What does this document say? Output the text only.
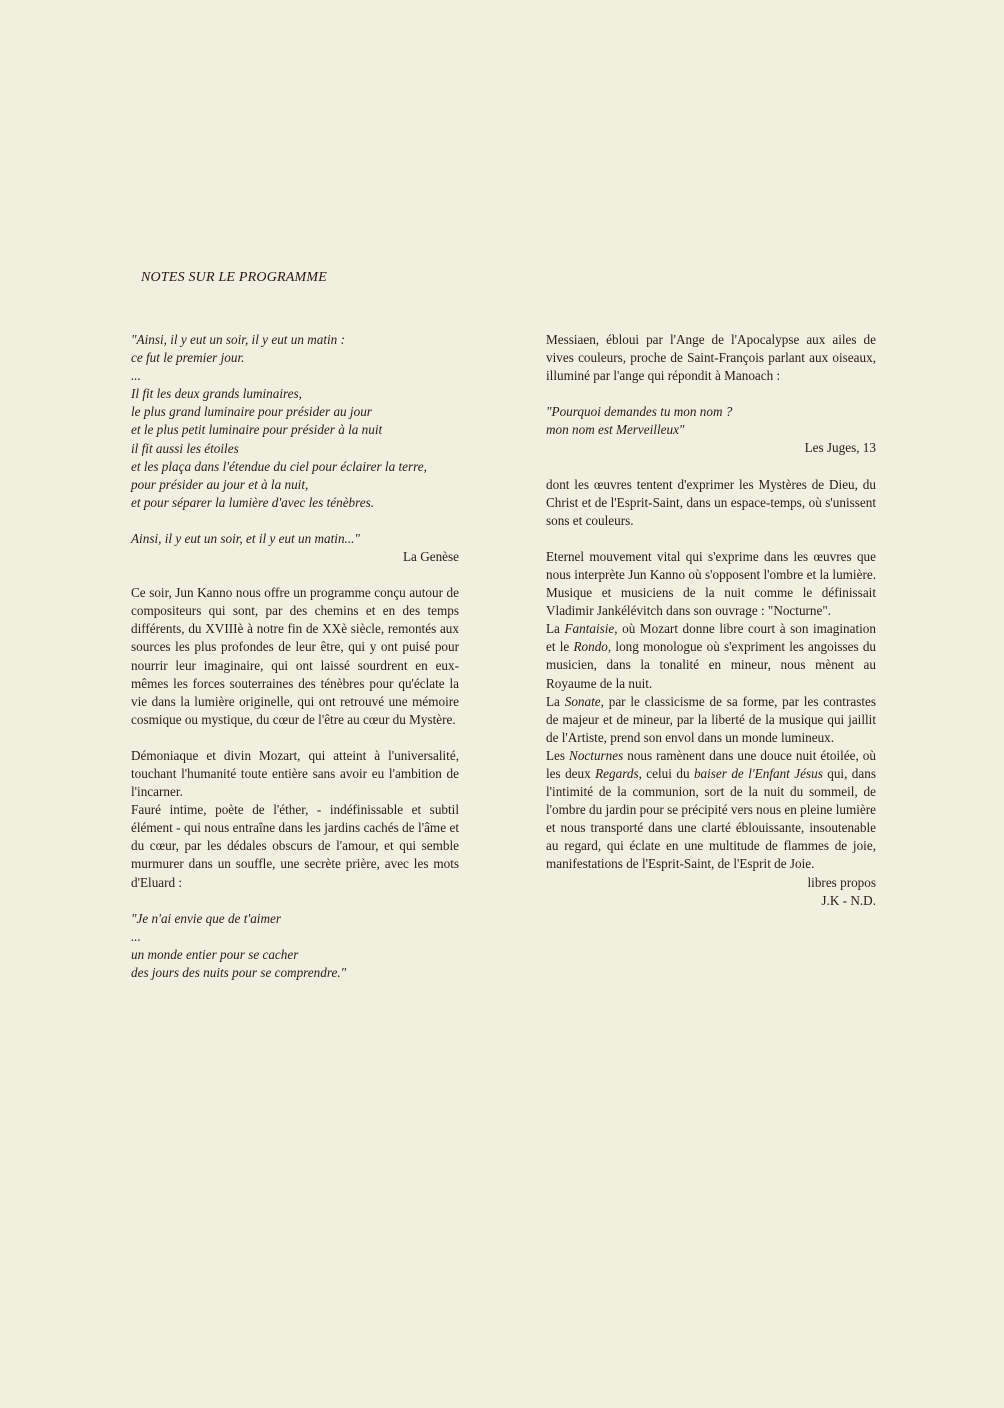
NOTES SUR LE PROGRAMME

"Ainsi, il y eut un soir, il y eut un matin :

ce fut le premier jour.

...

Il fit les deux grands luminaires,

le plus grand luminaire pour présider au jour

et le plus petit luminaire pour présider à la nuit

il fit aussi les étoiles

et les plaça dans l'étendue du ciel pour éclairer la terre,

pour présider au jour et à la nuit,

et pour séparer la lumière d'avec les ténèbres.

Ainsi, il y eut un soir, et il y eut un matin..."

La Genèse

Ce soir, Jun Kanno nous offre un programme conçu autour de compositeurs qui sont, par des chemins et en des temps différents, du XVIIIè à notre fin de XXè siècle, remontés aux sources les plus profondes de leur être, qui y ont puisé pour nourrir leur imaginaire, qui ont laissé sourdrent en eux-mêmes les forces souterraines des ténèbres pour qu'éclate la vie dans la lumière originelle, qui ont retrouvé une mémoire cosmique ou mystique, du cœur de l'être au cœur du Mystère.

Démoniaque et divin Mozart, qui atteint à l'universalité, touchant l'humanité toute entière sans avoir eu l'ambition de l'incarner.

Fauré intime, poète de l'éther, - indéfinissable et subtil élément - qui nous entraîne dans les jardins cachés de l'âme et du cœur, par les dédales obscurs de l'amour, et qui semble murmurer dans un souffle, une secrète prière, avec les mots d'Eluard :

"Je n'ai envie que de t'aimer

...

un monde entier pour se cacher

des jours des nuits pour se comprendre."

Messiaen, ébloui par l'Ange de l'Apocalypse aux ailes de vives couleurs, proche de Saint-François parlant aux oiseaux, illuminé par l'ange qui répondit à Manoach :

"Pourquoi demandes tu mon nom ?

mon nom est Merveilleux"

Les Juges, 13

dont les œuvres tentent d'exprimer les Mystères de Dieu, du Christ et de l'Esprit-Saint, dans un espace-temps, où s'unissent sons et couleurs.

Eternel mouvement vital qui s'exprime dans les œuvres que nous interprète Jun Kanno où s'opposent l'ombre et la lumière. Musique et musiciens de la nuit comme le définissait Vladimir Jankélévitch dans son ouvrage : "Nocturne".

La Fantaisie, où Mozart donne libre court à son imagination et le Rondo, long monologue où s'expriment les angoisses du musicien, dans la tonalité en mineur, nous mènent au Royaume de la nuit.

La Sonate, par le classicisme de sa forme, par les contrastes de majeur et de mineur, par la liberté de la musique qui jaillit de l'Artiste, prend son envol dans un monde lumineux.

Les Nocturnes nous ramènent dans une douce nuit étoilée, où les deux Regards, celui du baiser de l'Enfant Jésus qui, dans l'intimité de la communion, sort de la nuit du sommeil, de l'ombre du jardin pour se précipité vers nous en pleine lumière et nous transporté dans une clarté éblouissante, insoutenable au regard, qui éclate en une multitude de flammes de joie, manifestations de l'Esprit-Saint, de l'Esprit de Joie.

libres propos

J.K - N.D.
